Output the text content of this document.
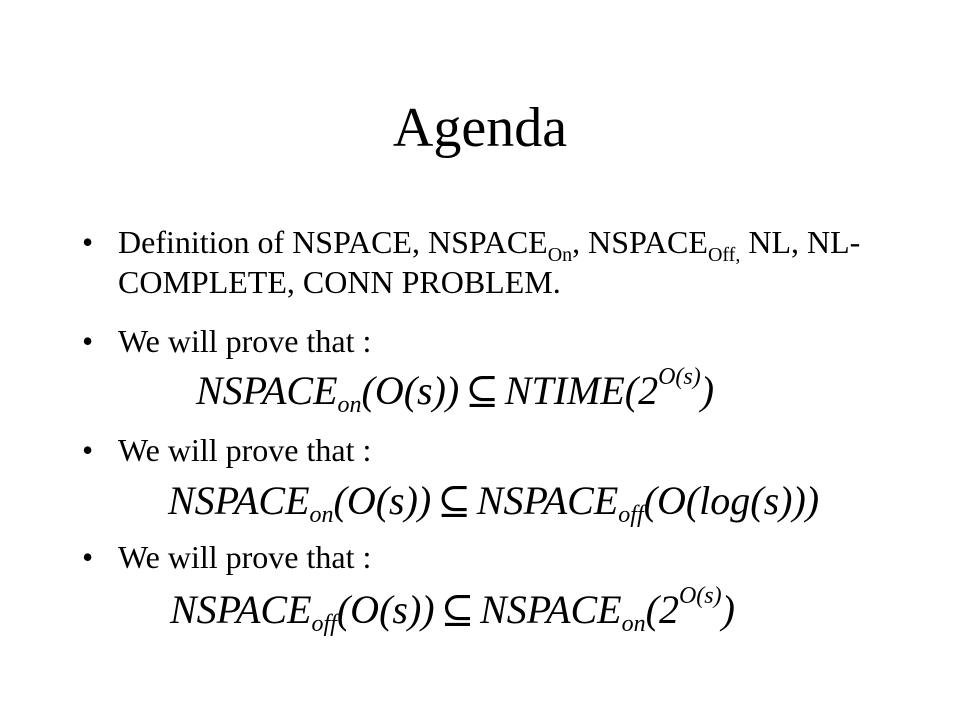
Agenda
• Definition of NSPACE, $NSPACE_{On}$, $NSPACE_{Off,}$ NL, NL-COMPLETE, CONN PROBLEM.
• We will prove that :
$NSPACE_{on}(O(s))$ ⊆ $NTIME(2^{O(s)})$
• We will prove that :
$NSPACE_{on}(O(s))$ ⊆ $NSPACE_{off}(O(\log(s)))$
• We will prove that :
$NSPACE_{off}(O(s))$ ⊆ $NSPACE_{on}(2^{O(s)})$
